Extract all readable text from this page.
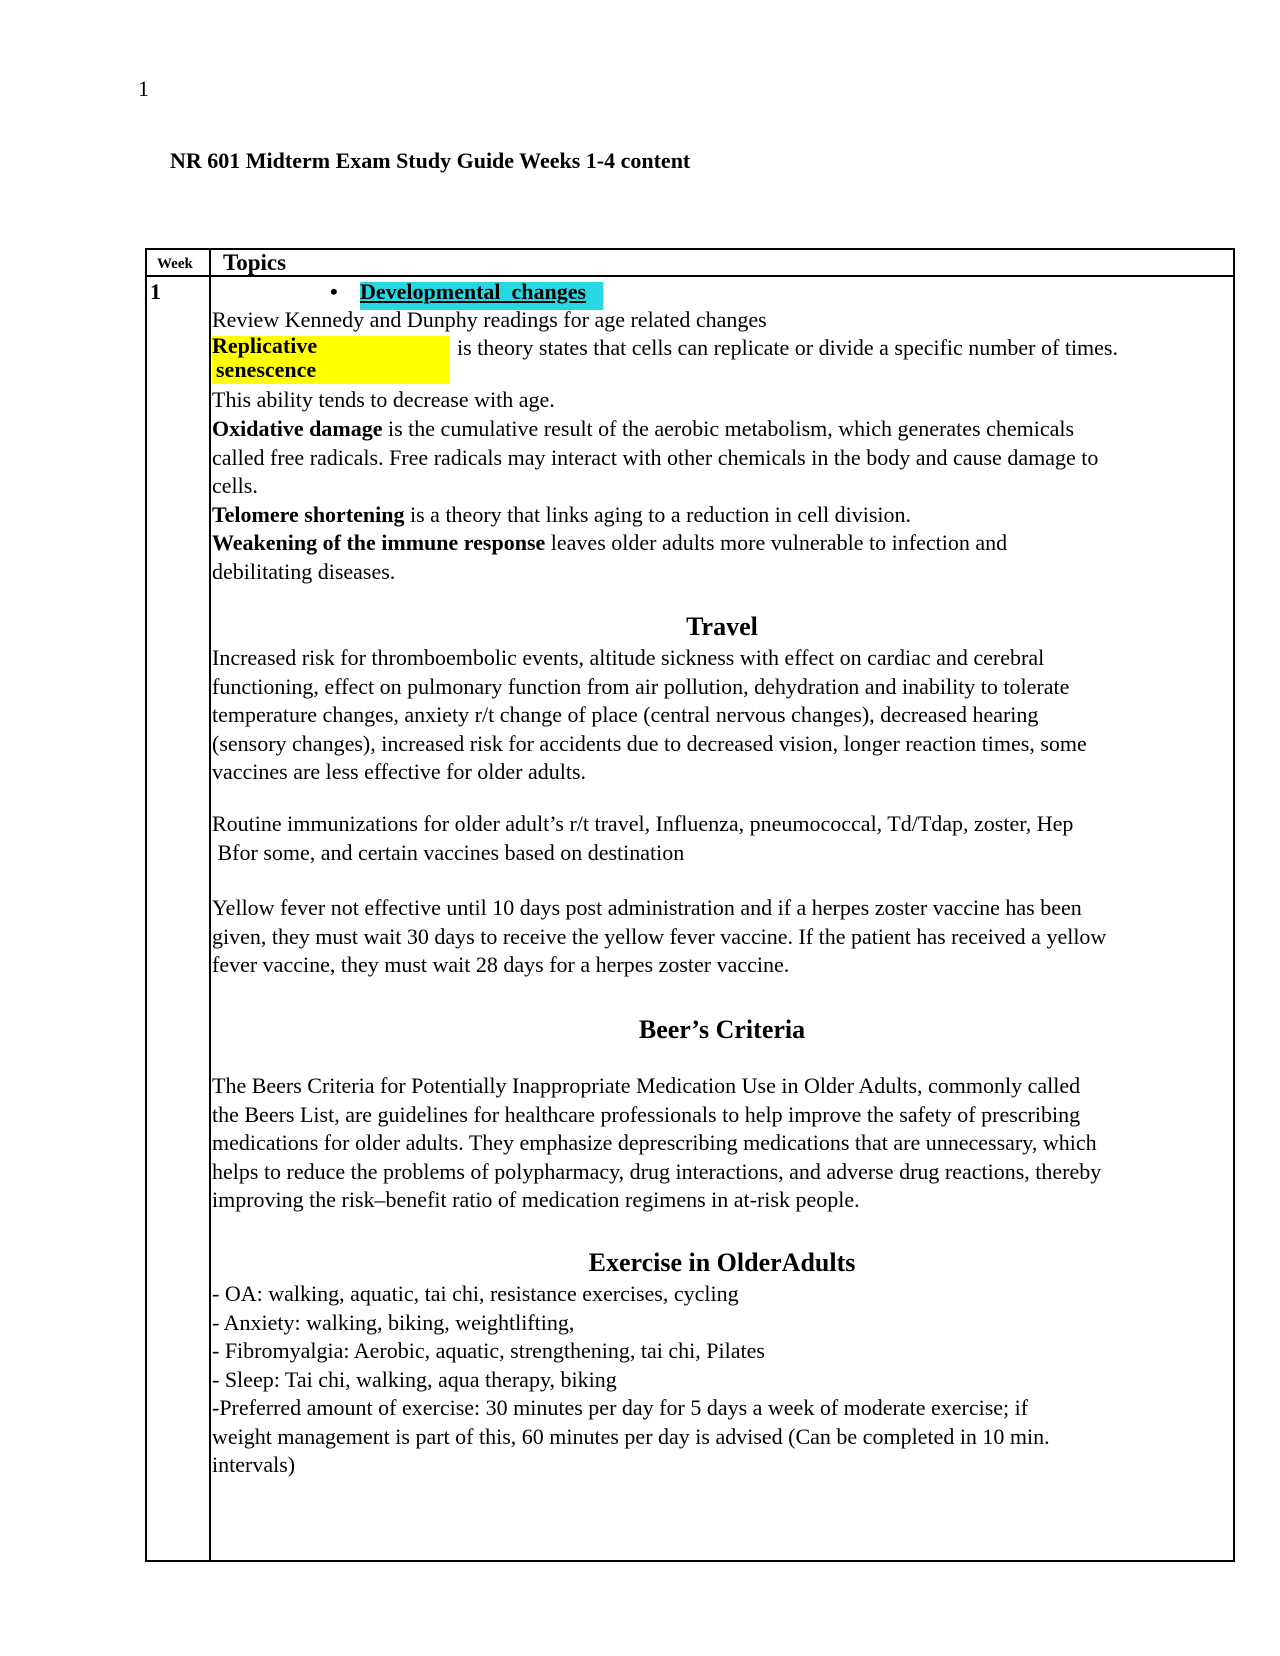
1
NR 601 Midterm Exam Study Guide Weeks 1-4 content
Week Topics
1	• Developmental changes
Review Kennedy and Dunphy readings for age related changes
Replicative
senescence
is theory states that cells can replicate or divide a specific number of times.
This ability tends to decrease with age.

Oxidative damage is the cumulative result of the aerobic metabolism, which generates chemicals

called free radicals. Free radicals may interact with other chemicals in the body and cause damage to

cells.

Telomere shortening is a theory that links aging to a reduction in cell division.

Weakening of the immune response leaves older adults more vulnerable to infection and

debilitating diseases.

Travel

Increased risk for thromboembolic events, altitude sickness with effect on cardiac and cerebral

functioning, effect on pulmonary function from air pollution, dehydration and inability to tolerate

temperature changes, anxiety r/t change of place (central nervous changes), decreased hearing

(sensory changes), increased risk for accidents due to decreased vision, longer reaction times, some

vaccines are less effective for older adults.

Routine immunizations for older adult’s r/t travel, Influenza, pneumococcal, Td/Tdap, zoster, Hep

Bfor some, and certain vaccines based on destination

Yellow fever not effective until 10 days post administration and if a herpes zoster vaccine has been

given, they must wait 30 days to receive the yellow fever vaccine. If the patient has received a yellow

fever vaccine, they must wait 28 days for a herpes zoster vaccine.

Beer’s Criteria

The Beers Criteria for Potentially Inappropriate Medication Use in Older Adults, commonly called

the Beers List, are guidelines for healthcare professionals to help improve the safety of prescribing

medications for older adults. They emphasize deprescribing medications that are unnecessary, which

helps to reduce the problems of polypharmacy, drug interactions, and adverse drug reactions, thereby

improving the risk–benefit ratio of medication regimens in at-risk people.

Exercise in OlderAdults

- OA: walking, aquatic, tai chi, resistance exercises, cycling

- Anxiety: walking, biking, weightlifting,

- Fibromyalgia: Aerobic, aquatic, strengthening, tai chi, Pilates

- Sleep: Tai chi, walking, aqua therapy, biking

-Preferred amount of exercise: 30 minutes per day for 5 days a week of moderate exercise; if

weight management is part of this, 60 minutes per day is advised (Can be completed in 10 min.

intervals)
